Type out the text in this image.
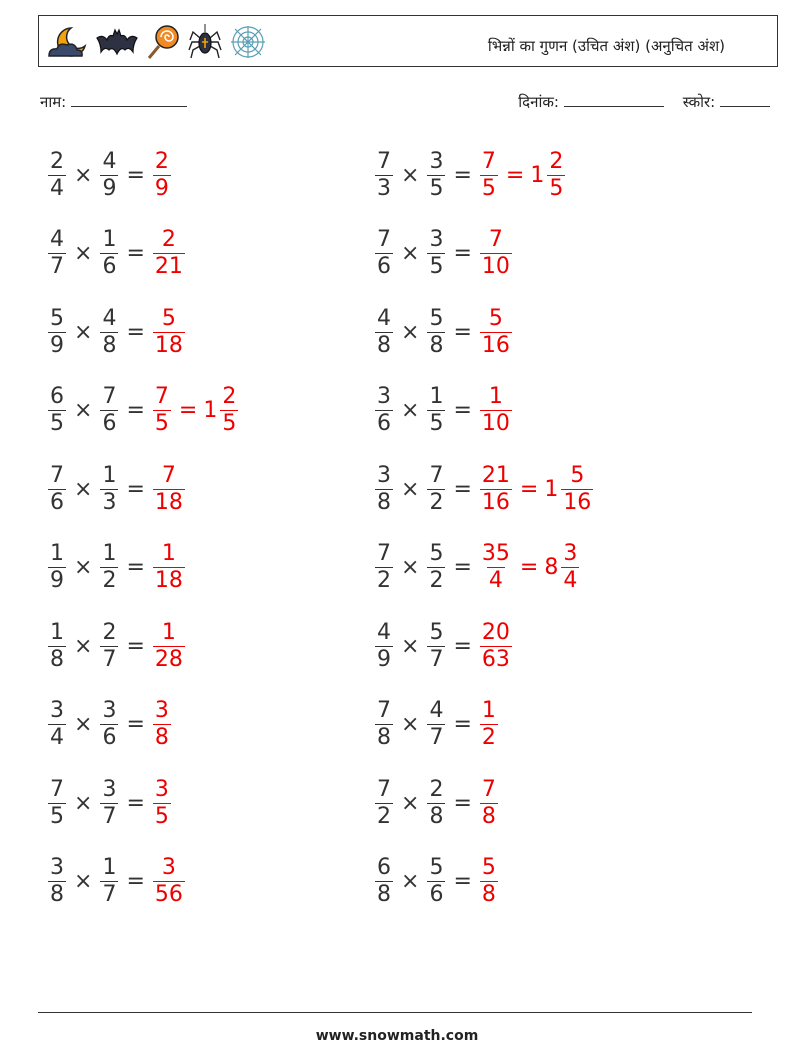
भिन्नों का गुणन (उचित अंश) (अनुचित अंश)
नाम:	दिनांक:	स्कोर:
$\frac{2}{4} \times \frac{4}{9} = \frac{2}{9}$	$\frac{7}{3} \times \frac{3}{5} = \frac{7}{5} = 1 \frac{2}{5}$
$\frac{4}{7} \times \frac{1}{6} = \frac{2}{21}$	$\frac{7}{6} \times \frac{3}{5} = \frac{7}{10}$
$\frac{5}{9} \times \frac{4}{8} = \frac{5}{18}$	$\frac{4}{8} \times \frac{5}{8} = \frac{5}{16}$
$\frac{6}{5} \times \frac{7}{6} = \frac{7}{5} = 1 \frac{2}{5}$	$\frac{3}{6} \times \frac{1}{5} = \frac{1}{10}$
$\frac{7}{6} \times \frac{1}{3} = \frac{7}{18}$	$\frac{3}{8} \times \frac{7}{2} = \frac{21}{16} = 1 \frac{5}{16}$
$\frac{1}{9} \times \frac{1}{2} = \frac{1}{18}$	$\frac{7}{2} \times \frac{5}{2} = \frac{35}{4} = 8 \frac{3}{4}$
$\frac{1}{8} \times \frac{2}{7} = \frac{1}{28}$	$\frac{4}{9} \times \frac{5}{7} = \frac{20}{63}$
$\frac{3}{4} \times \frac{3}{6} = \frac{3}{8}$	$\frac{7}{8} \times \frac{4}{7} = \frac{1}{2}$
$\frac{7}{5} \times \frac{3}{7} = \frac{3}{5}$	$\frac{7}{2} \times \frac{2}{8} = \frac{7}{8}$
$\frac{3}{8} \times \frac{1}{7} = \frac{3}{56}$	$\frac{6}{8} \times \frac{5}{6} = \frac{5}{8}$
www.snowmath.com
